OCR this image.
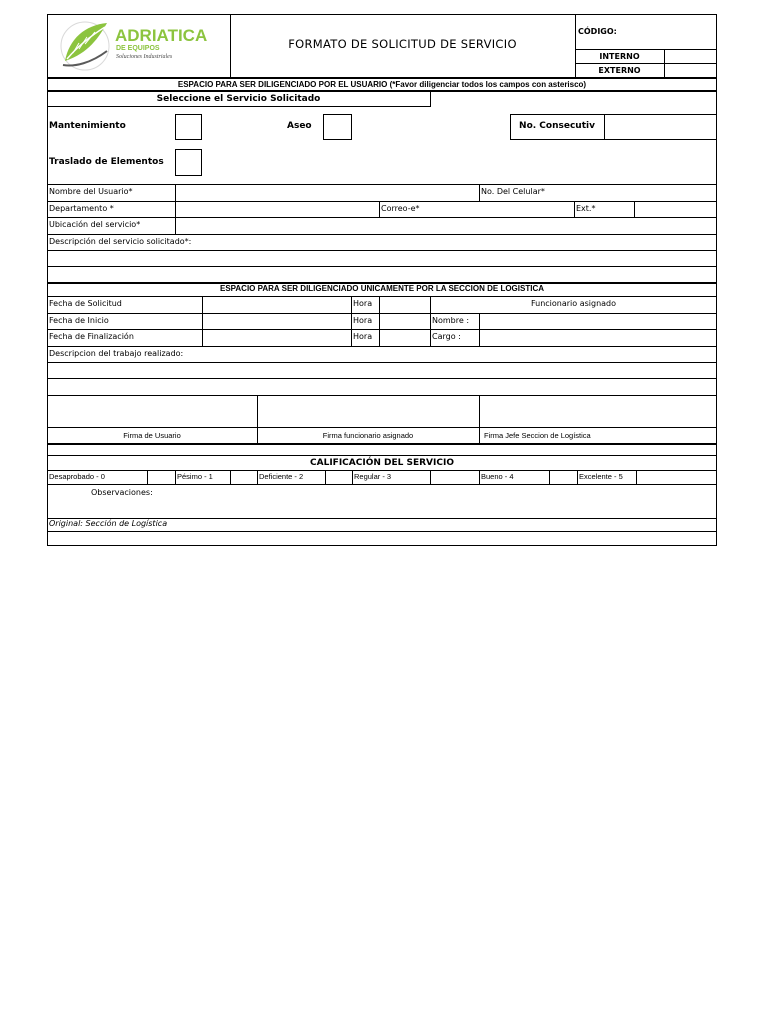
ADRIATICA
DE EQUIPOS
Soluciones Industriales
FORMATO DE SOLICITUD DE SERVICIO
CÓDIGO:
INTERNO
EXTERNO
ESPACIO PARA SER DILIGENCIADO POR EL USUARIO (*Favor diligenciar todos los campos con asterisco)
Seleccione el Servicio Solicitado
Mantenimiento	Aseo	No. Consecutiv
Traslado de Elementos
Nombre del Usuario*	No. Del Celular*
Departamento *	Correo-e*	Ext.*
Ubicación del servicio*
Descripción del servicio solicitado*:
ESPACIO PARA SER DILIGENCIADO UNICAMENTE POR LA SECCION DE LOGISTICA
Fecha de Solicitud	Hora	Funcionario asignado
Fecha de Inicio	Hora	Nombre :
Fecha de Finalización	Hora	Cargo :
Descripcion del trabajo realizado:
Firma de Usuario	Firma funcionario asignado	Firma Jefe Seccion de Logística
CALIFICACIÓN DEL SERVICIO
Desaprobado - 0	Pésimo - 1	Deficiente - 2	Regular - 3	Bueno - 4	Excelente - 5
Observaciones:
Original: Sección de Logística
